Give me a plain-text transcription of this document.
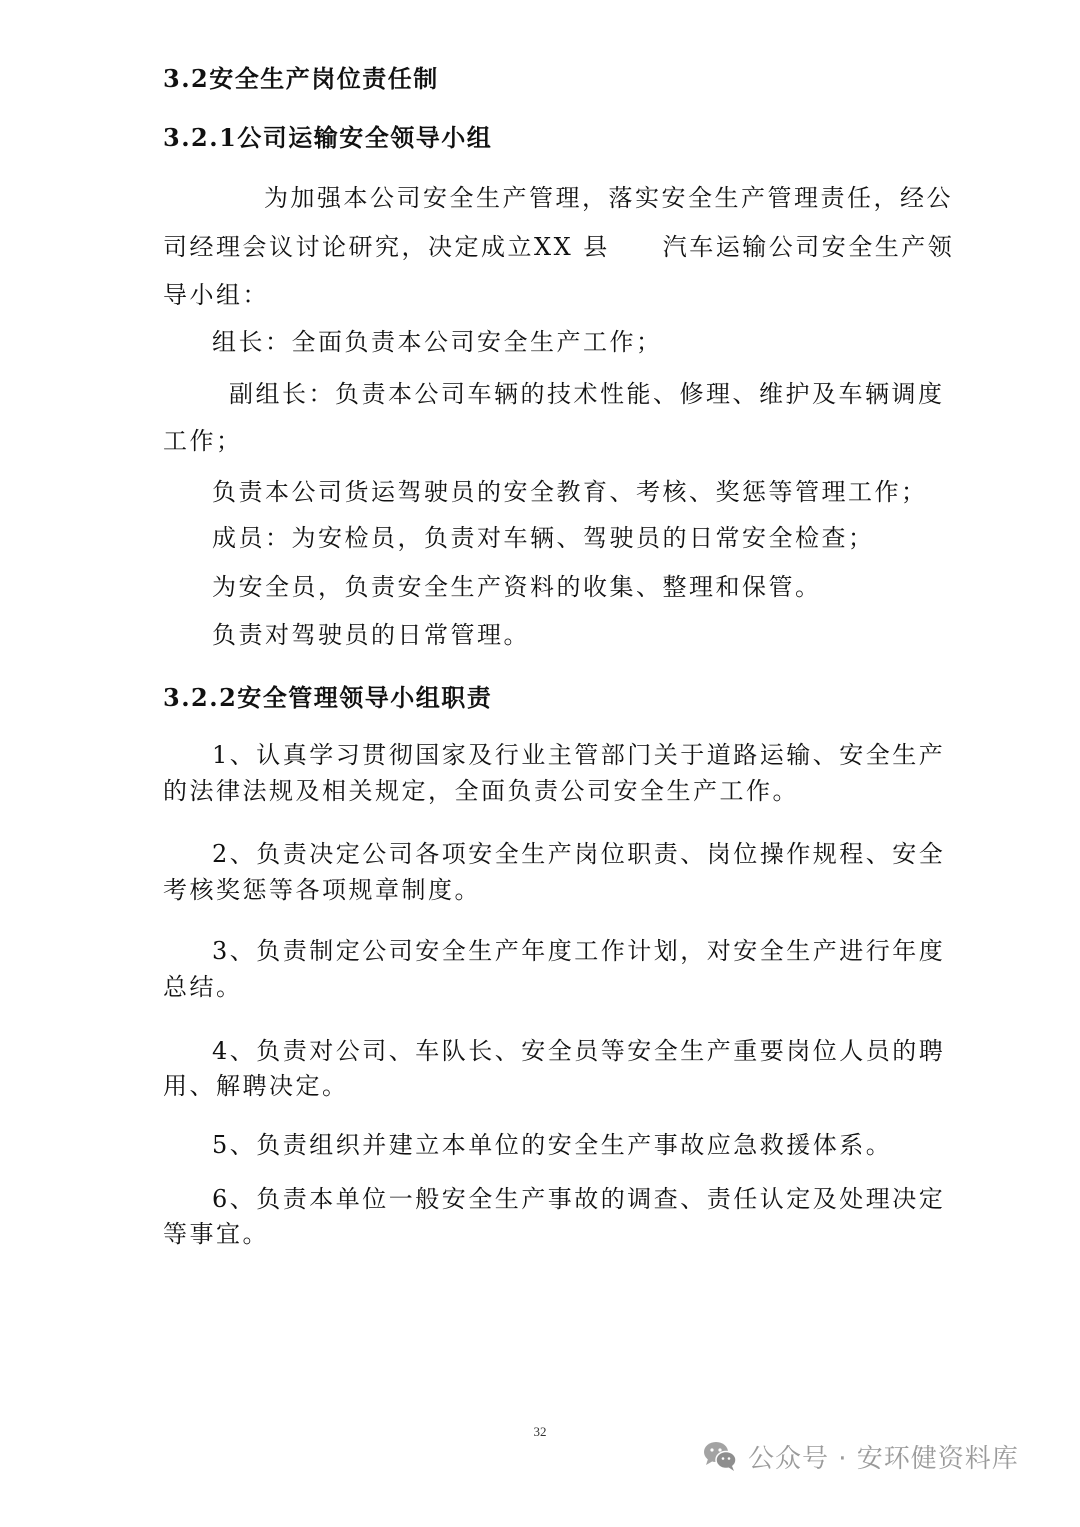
3.2安全生产岗位责任制

3.2.1公司运输安全领导小组

为加强本公司安全生产管理，落实安全生产管理责任，经公

司经理会议讨论研究，决定成立XX 县　　汽车运输公司安全生产领

导小组：

组长：全面负责本公司安全生产工作；

副组长：负责本公司车辆的技术性能、修理、维护及车辆调度

工作；

负责本公司货运驾驶员的安全教育、考核、奖惩等管理工作；

成员：为安检员，负责对车辆、驾驶员的日常安全检查；

为安全员，负责安全生产资料的收集、整理和保管。

负责对驾驶员的日常管理。

3.2.2安全管理领导小组职责

1、认真学习贯彻国家及行业主管部门关于道路运输、安全生产

的法律法规及相关规定，全面负责公司安全生产工作。

2、负责决定公司各项安全生产岗位职责、岗位操作规程、安全

考核奖惩等各项规章制度。

3、负责制定公司安全生产年度工作计划，对安全生产进行年度

总结。

4、负责对公司、车队长、安全员等安全生产重要岗位人员的聘

用、解聘决定。

5、负责组织并建立本单位的安全生产事故应急救援体系。

6、负责本单位一般安全生产事故的调查、责任认定及处理决定

等事宜。

32
公众号 · 安环健资料库
